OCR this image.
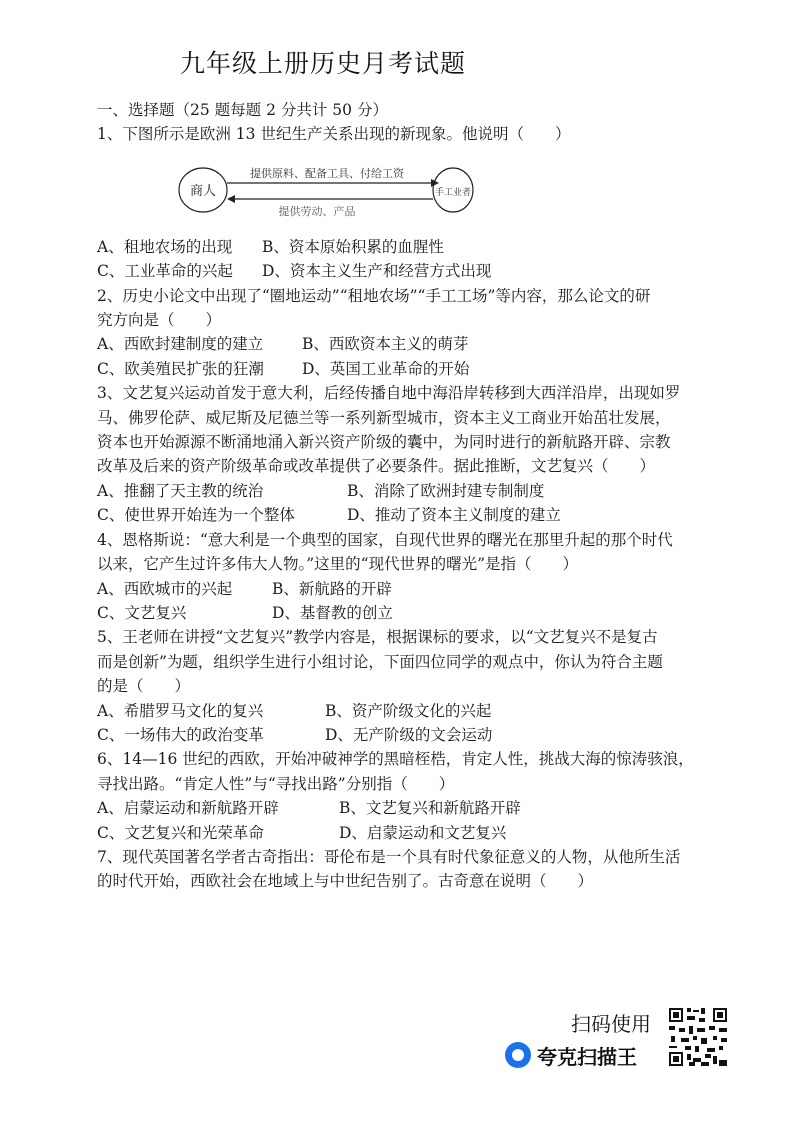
九年级上册历史月考试题
一、选择题（25 题每题 2 分共计 50 分）
1、下图所示是欧洲 13 世纪生产关系出现的新现象。他说明（　　）
商人	手工业者
提供原料、配备工具、付给工资
提供劳动、产品
A、租地农场的出现 B、资本原始积累的血腥性
C、工业革命的兴起 D、资本主义生产和经营方式出现
2、历史小论文中出现了“圈地运动”“租地农场”“手工工场”等内容，那么论文的研
究方向是（　　）
A、西欧封建制度的建立	B、西欧资本主义的萌芽
C、欧美殖民扩张的狂潮 D、英国工业革命的开始
3、文艺复兴运动首发于意大利，后经传播自地中海沿岸转移到大西洋沿岸，出现如罗
马、佛罗伦萨、威尼斯及尼德兰等一系列新型城市，资本主义工商业开始茁壮发展，
资本也开始源源不断涌地涌入新兴资产阶级的囊中，为同时进行的新航路开辟、宗教
改革及后来的资产阶级革命或改革提供了必要条件。据此推断，文艺复兴（　　）
A、推翻了天主教的统治	B、消除了欧洲封建专制制度
C、使世界开始连为一个整体	D、推动了资本主义制度的建立
4、恩格斯说：“意大利是一个典型的国家，自现代世界的曙光在那里升起的那个时代
以来，它产生过许多伟大人物。”这里的“现代世界的曙光”是指（　　）
A、西欧城市的兴起	B、新航路的开辟
C、文艺复兴	D、基督教的创立
5、王老师在讲授“文艺复兴”教学内容是，根据课标的要求，以“文艺复兴不是复古
而是创新”为题，组织学生进行小组讨论，下面四位同学的观点中，你认为符合主题
的是（　　）
A、希腊罗马文化的复兴	B、资产阶级文化的兴起
C、一场伟大的政治变革	D、无产阶级的文会运动
6、14—16 世纪的西欧，开始冲破神学的黑暗桎梏，肯定人性，挑战大海的惊涛骇浪，
寻找出路。“肯定人性”与“寻找出路”分别指（　　）
A、启蒙运动和新航路开辟	B、文艺复兴和新航路开辟
C、文艺复兴和光荣革命	D、启蒙运动和文艺复兴
7、现代英国著名学者古奇指出：哥伦布是一个具有时代象征意义的人物，从他所生活
的时代开始，西欧社会在地域上与中世纪告别了。古奇意在说明（　　）
扫码使用
夸克扫描王
